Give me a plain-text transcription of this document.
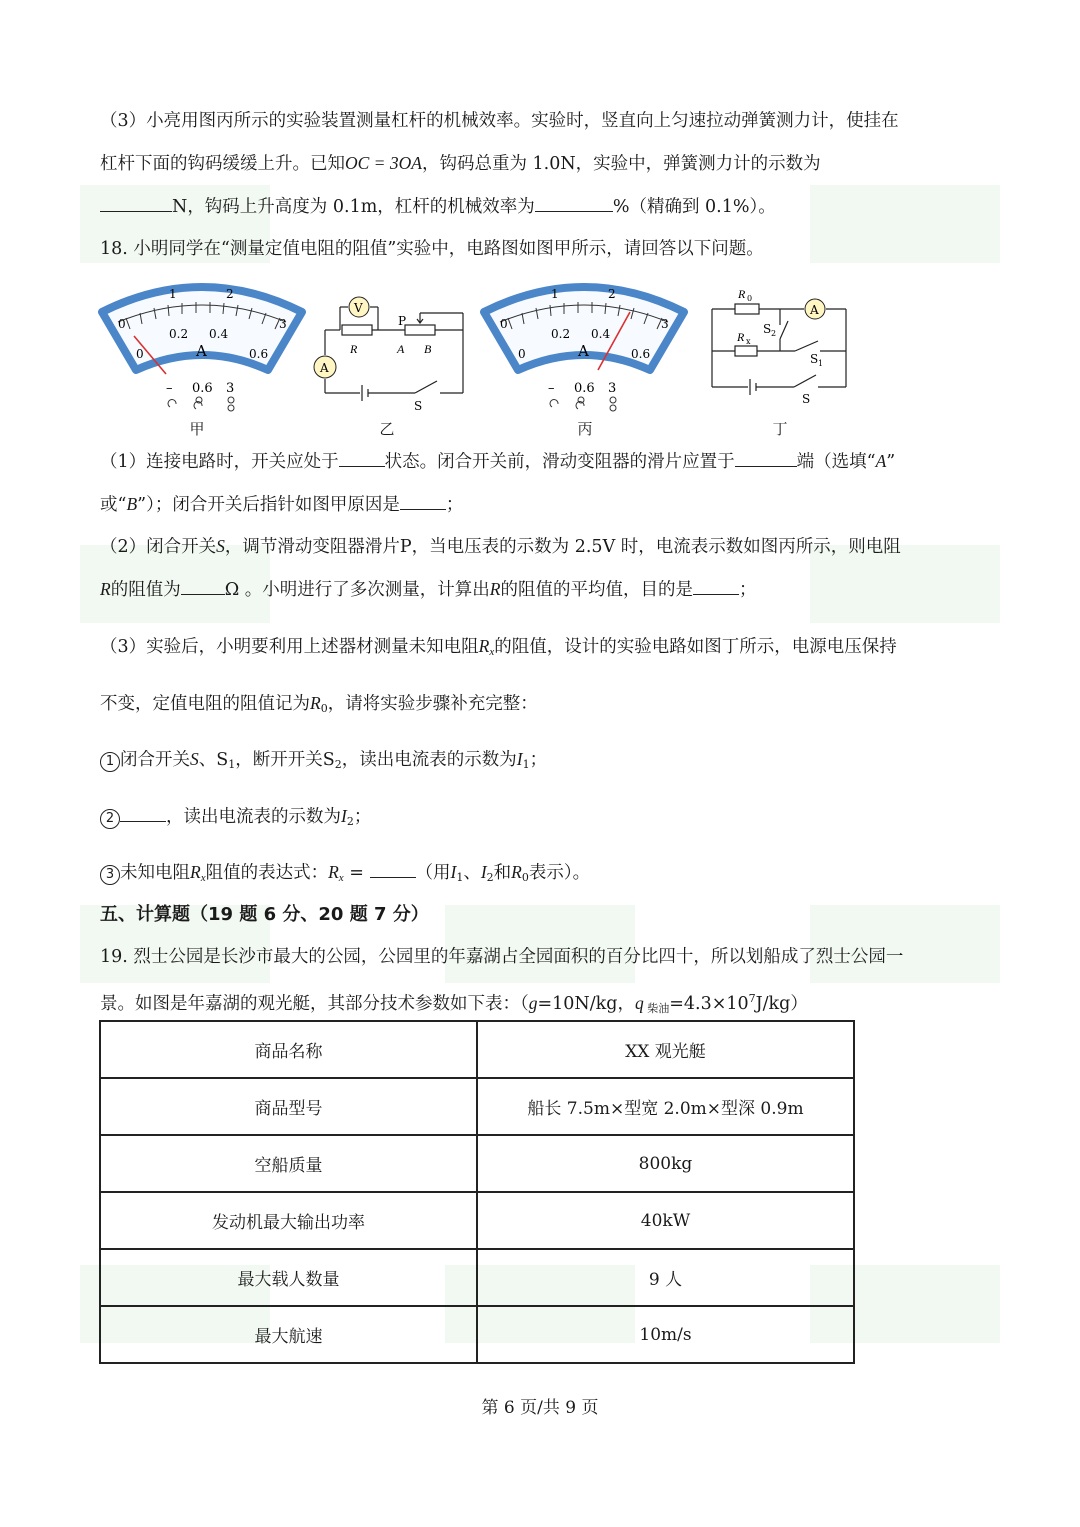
（3）小亮用图丙所示的实验装置测量杠杆的机械效率。实验时，竖直向上匀速拉动弹簧测力计，使挂在
杠杆下面的钩码缓缓上升。已知OC = 3OA，钩码总重为 1.0N，实验中，弹簧测力计的示数为
N，钩码上升高度为 0.1m，杠杆的机械效率为	%（精确到 0.1%）。
18. 小明同学在“测量定值电阻的阻值”实验中，电路图如图甲所示，请回答以下问题。
0
1	2
3
0
0.2 0.4
0.6
A
– 0.6 3
甲
V
A
R
P
A B
S
乙
0
1	2
3
0
0.2 0.4
0.6
A
– 0.6 3
丙
A
R 0
R x
S 2
S 1
S
丁
（1）连接电路时，开关应处于	状态。闭合开关前，滑动变阻器的滑片应置于	端（选填“A”
或“B”）；闭合开关后指针如图甲原因是	；
（2）闭合开关S，调节滑动变阻器滑片P，当电压表的示数为 2.5V 时，电流表示数如图丙所示，则电阻
R的阻值为	Ω 。小明进行了多次测量，计算出R的阻值的平均值，目的是	；
（3）实验后，小明要利用上述器材测量未知电阻$R_x$的阻值，设计的实验电路如图丁所示，电源电压保持
不变，定值电阻的阻值记为$R_0$，请将实验步骤补充完整：
1 闭合开关S、$S_1$，断开开关$S_2$，读出电流表的示数为$I_1$；
2	，读出电流表的示数为$I_2$；
3 未知电阻$R_x$阻值的表达式：$R_x$ =	（用$I_1$、$I_2$和$R_0$表示）。
五、计算题（19 题 6 分、20 题 7 分）
19. 烈士公园是长沙市最大的公园，公园里的年嘉湖占全园面积的百分比四十，所以划船成了烈士公园一
景。如图是年嘉湖的观光艇，其部分技术参数如下表：（g=10N/kg，q $_{柴油}=4.3\times 10^7J/kg$）
商品名称	XX 观光艇
商品型号	船长 7.5m×型宽 2.0m×型深 0.9m
空船质量	800kg
发动机最大输出功率	40kW
最大载人数量	9 人
最大航速	10m/s
第 6 页/共 9 页
